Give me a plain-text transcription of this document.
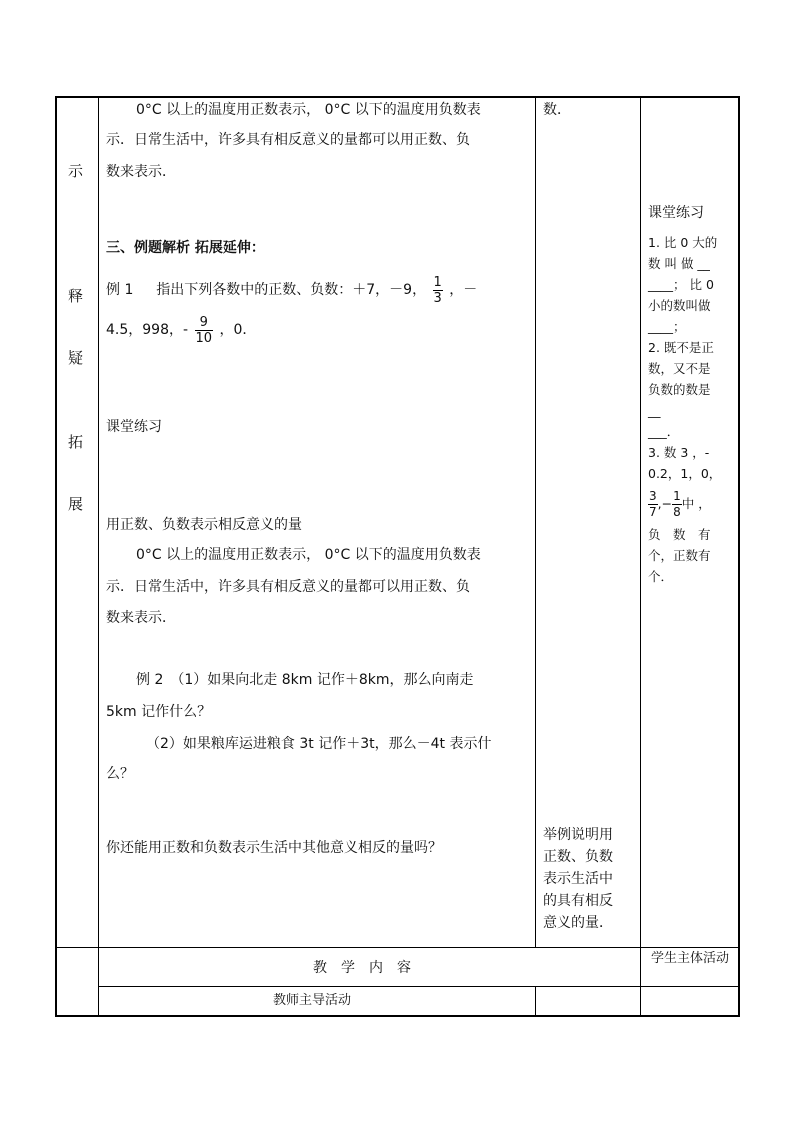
示
释
疑
拓
展
0°C 以上的温度用正数表示， 0°C 以下的温度用负数表
示．日常生活中，许多具有相反意义的量都可以用正数、负
数来表示．
三、例题解析 拓展延伸：
例 1 指出下列各数中的正数、负数：＋7，－9， $\frac{1}{3}$ ，－
4.5，998，- $\frac{9}{10}$ ，0．
课堂练习
用正数、负数表示相反意义的量
0°C 以上的温度用正数表示， 0°C 以下的温度用负数表
示．日常生活中，许多具有相反意义的量都可以用正数、负
数来表示．
例 2　（1）如果向北走 8km 记作＋8km，那么向南走
5km 记作什么？
（2）如果粮库运进粮食 3t 记作＋3t，那么－4t 表示什
么？
你还能用正数和负数表示生活中其他意义相反的量吗？
数．
举例说明用
正数、负数
表示生活中
的具有相反
意义的量．
课堂练习
1. 比 0 大的
数 叫 做 __
____； 比 0
小的数叫做
____；
2. 既不是正
数，又不是
负数的数是
__
___．
3. 数 3 ，-
0.2，1，0，
$\frac{3}{7}$ ,− $\frac{1}{8}$ 中 ，
负　数　有
个，正数有
个．
教　学　内　容
学生主体活动
教师主导活动
